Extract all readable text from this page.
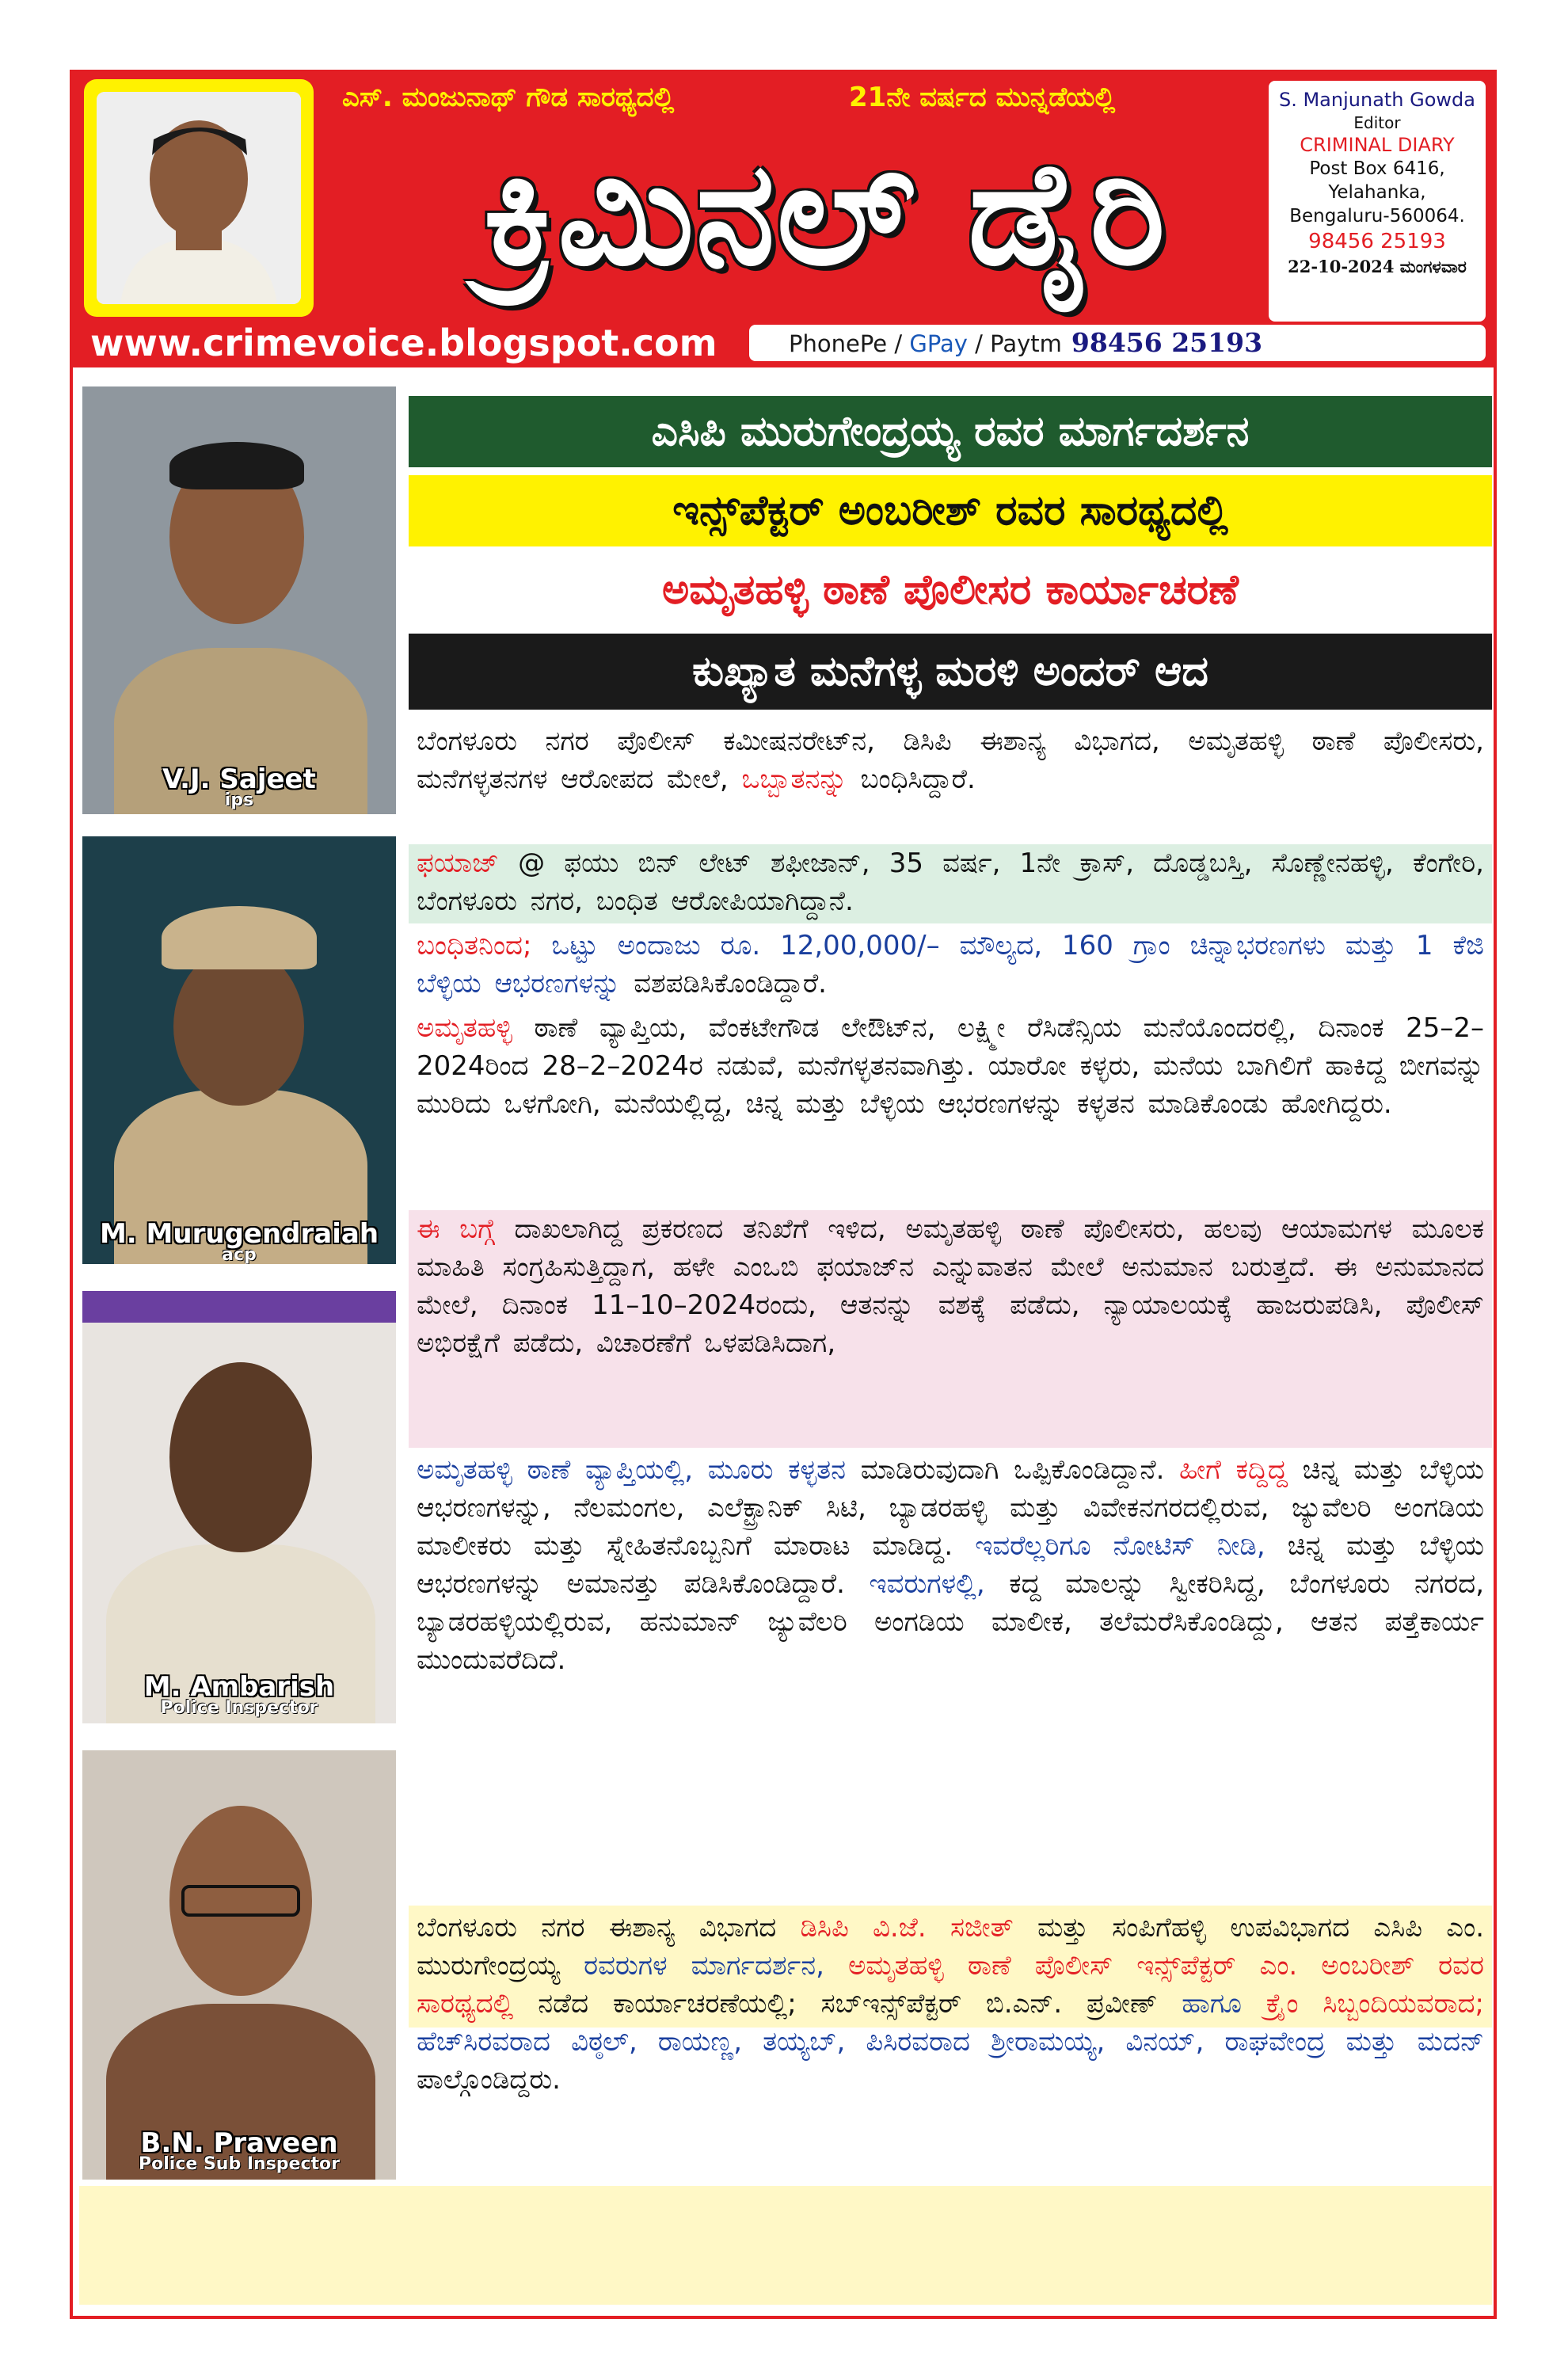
ಎಸ್. ಮಂಜುನಾಥ್ ಗೌಡ ಸಾರಥ್ಯದಲ್ಲಿ	21ನೇ ವರ್ಷದ ಮುನ್ನಡೆಯಲ್ಲಿ
ಕ್ರಿಮಿನಲ್ ಡೈರಿ
S. Manjunath Gowda
Editor
CRIMINAL DIARY
Post Box 6416,
Yelahanka,
Bengaluru-560064.
98456 25193
22-10-2024 ಮಂಗಳವಾರ
www.crimevoice.blogspot.com	PhonePe / GPay / Paytm 98456 25193
V.J. Sajeet
ips
M. Murugendraiah
acp
M. Ambarish
Police Inspector
B.N. Praveen
Police Sub Inspector
ಎಸಿಪಿ ಮುರುಗೇಂದ್ರಯ್ಯ ರವರ ಮಾರ್ಗದರ್ಶನ
ಇನ್ಸ್‌ಪೆಕ್ಟರ್ ಅಂಬರೀಶ್ ರವರ ಸಾರಥ್ಯದಲ್ಲಿ
ಅಮೃತಹಳ್ಳಿ ಠಾಣೆ ಪೊಲೀಸರ ಕಾರ್ಯಾಚರಣೆ
ಕುಖ್ಯಾತ ಮನೆಗಳ್ಳ ಮರಳಿ ಅಂದರ್ ಆದ
ಬೆಂಗಳೂರು ನಗರ ಪೊಲೀಸ್ ಕಮೀಷನರೇಟ್‌ನ, ಡಿಸಿಪಿ ಈಶಾನ್ಯ ವಿಭಾಗದ, ಅಮೃತಹಳ್ಳಿ ಠಾಣೆ ಪೊಲೀಸರು, ಮನೆಗಳ್ಳತನಗಳ ಆರೋಪದ ಮೇಲೆ, ಒಬ್ಬಾತನನ್ನು ಬಂಧಿಸಿದ್ದಾರೆ.
ಫಯಾಜ್ @ ಫಯು ಬಿನ್ ಲೇಟ್ ಶಫೀಜಾನ್, 35 ವರ್ಷ, 1ನೇ ಕ್ರಾಸ್, ದೊಡ್ಡಬಸ್ತಿ, ಸೊಣ್ಣೇನಹಳ್ಳಿ, ಕೆಂಗೇರಿ, ಬೆಂಗಳೂರು ನಗರ, ಬಂಧಿತ ಆರೋಪಿಯಾಗಿದ್ದಾನೆ.
ಬಂಧಿತನಿಂದ; ಒಟ್ಟು ಅಂದಾಜು ರೂ. 12,00,000/– ಮೌಲ್ಯದ, 160 ಗ್ರಾಂ ಚಿನ್ನಾಭರಣಗಳು ಮತ್ತು 1 ಕೆಜಿ ಬೆಳ್ಳಿಯ ಆಭರಣಗಳನ್ನು ವಶಪಡಿಸಿಕೊಂಡಿದ್ದಾರೆ.
ಅಮೃತಹಳ್ಳಿ ಠಾಣೆ ವ್ಯಾಪ್ತಿಯ, ವೆಂಕಟೇಗೌಡ ಲೇಔಟ್‌ನ, ಲಕ್ಷ್ಮೀ ರೆಸಿಡೆನ್ಸಿಯ ಮನೆಯೊಂದರಲ್ಲಿ, ದಿನಾಂಕ 25–2–2024ರಿಂದ 28–2–2024ರ ನಡುವೆ, ಮನೆಗಳ್ಳತನವಾಗಿತ್ತು. ಯಾರೋ ಕಳ್ಳರು, ಮನೆಯ ಬಾಗಿಲಿಗೆ ಹಾಕಿದ್ದ ಬೀಗವನ್ನು ಮುರಿದು ಒಳಗೋಗಿ, ಮನೆಯಲ್ಲಿದ್ದ, ಚಿನ್ನ ಮತ್ತು ಬೆಳ್ಳಿಯ ಆಭರಣಗಳನ್ನು ಕಳ್ಳತನ ಮಾಡಿಕೊಂಡು ಹೋಗಿದ್ದರು.
ಈ ಬಗ್ಗೆ ದಾಖಲಾಗಿದ್ದ ಪ್ರಕರಣದ ತನಿಖೆಗೆ ಇಳಿದ, ಅಮೃತಹಳ್ಳಿ ಠಾಣೆ ಪೊಲೀಸರು, ಹಲವು ಆಯಾಮಗಳ ಮೂಲಕ ಮಾಹಿತಿ ಸಂಗ್ರಹಿಸುತ್ತಿದ್ದಾಗ, ಹಳೇ ಎಂಒಬಿ ಫಯಾಜ್‌ನ ಎನ್ನುವಾತನ ಮೇಲೆ ಅನುಮಾನ ಬರುತ್ತದೆ. ಈ ಅನುಮಾನದ ಮೇಲೆ, ದಿನಾಂಕ 11–10–2024ರಂದು, ಆತನನ್ನು ವಶಕ್ಕೆ ಪಡೆದು, ನ್ಯಾಯಾಲಯಕ್ಕೆ ಹಾಜರುಪಡಿಸಿ, ಪೊಲೀಸ್ ಅಭಿರಕ್ಷೆಗೆ ಪಡೆದು, ವಿಚಾರಣೆಗೆ ಒಳಪಡಿಸಿದಾಗ,
ಅಮೃತಹಳ್ಳಿ ಠಾಣೆ ವ್ಯಾಪ್ತಿಯಲ್ಲಿ, ಮೂರು ಕಳ್ಳತನ ಮಾಡಿರುವುದಾಗಿ ಒಪ್ಪಿಕೊಂಡಿದ್ದಾನೆ. ಹೀಗೆ ಕದ್ದಿದ್ದ ಚಿನ್ನ ಮತ್ತು ಬೆಳ್ಳಿಯ ಆಭರಣಗಳನ್ನು, ನೆಲಮಂಗಲ, ಎಲೆಕ್ಟ್ರಾನಿಕ್ ಸಿಟಿ, ಬ್ಯಾಡರಹಳ್ಳಿ ಮತ್ತು ವಿವೇಕನಗರದಲ್ಲಿರುವ, ಜ್ಯುವೆಲರಿ ಅಂಗಡಿಯ ಮಾಲೀಕರು ಮತ್ತು ಸ್ನೇಹಿತನೊಬ್ಬನಿಗೆ ಮಾರಾಟ ಮಾಡಿದ್ದ. ಇವರೆಲ್ಲರಿಗೂ ನೋಟಿಸ್ ನೀಡಿ, ಚಿನ್ನ ಮತ್ತು ಬೆಳ್ಳಿಯ ಆಭರಣಗಳನ್ನು ಅಮಾನತ್ತು ಪಡಿಸಿಕೊಂಡಿದ್ದಾರೆ. ಇವರುಗಳಲ್ಲಿ, ಕದ್ದ ಮಾಲನ್ನು ಸ್ವೀಕರಿಸಿದ್ದ, ಬೆಂಗಳೂರು ನಗರದ, ಬ್ಯಾಡರಹಳ್ಳಿಯಲ್ಲಿರುವ, ಹನುಮಾನ್ ಜ್ಯುವೆಲರಿ ಅಂಗಡಿಯ ಮಾಲೀಕ, ತಲೆಮರೆಸಿಕೊಂಡಿದ್ದು, ಆತನ ಪತ್ತೆಕಾರ್ಯ ಮುಂದುವರೆದಿದೆ.
ಬೆಂಗಳೂರು ನಗರ ಈಶಾನ್ಯ ವಿಭಾಗದ ಡಿಸಿಪಿ ವಿ.ಜೆ. ಸಜೀತ್ ಮತ್ತು ಸಂಪಿಗೆಹಳ್ಳಿ ಉಪವಿಭಾಗದ ಎಸಿಪಿ ಎಂ. ಮುರುಗೇಂದ್ರಯ್ಯ ರವರುಗಳ ಮಾರ್ಗದರ್ಶನ, ಅಮೃತಹಳ್ಳಿ ಠಾಣೆ ಪೊಲೀಸ್ ಇನ್ಸ್‌ಪೆಕ್ಟರ್ ಎಂ. ಅಂಬರೀಶ್ ರವರ ಸಾರಥ್ಯದಲ್ಲಿ ನಡೆದ ಕಾರ್ಯಾಚರಣೆಯಲ್ಲಿ; ಸಬ್‌ಇನ್ಸ್‌ಪೆಕ್ಟರ್ ಬಿ.ಎನ್. ಪ್ರವೀಣ್ ಹಾಗೂ ಕ್ರೈಂ ಸಿಬ್ಬಂದಿಯವರಾದ; ಹೆಚ್‌ಸಿರವರಾದ ವಿಠ್ಠಲ್, ರಾಯಣ್ಣ, ತಯ್ಯಬ್, ಪಿಸಿರವರಾದ ಶ್ರೀರಾಮಯ್ಯ, ವಿನಯ್, ರಾಘವೇಂದ್ರ ಮತ್ತು ಮದನ್ ಪಾಲ್ಗೊಂಡಿದ್ದರು.
